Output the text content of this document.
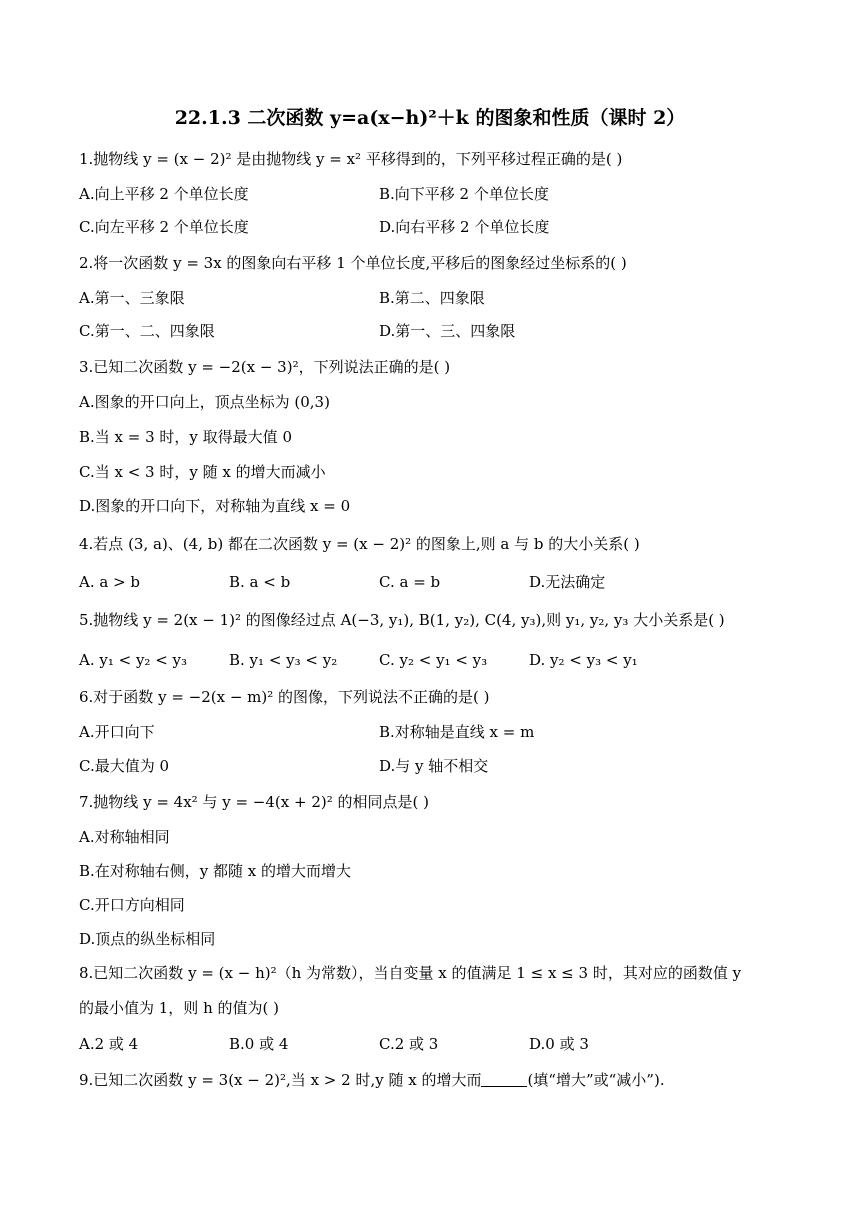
22.1.3 二次函数 y=a(x−h)²＋k 的图象和性质（课时 2）
1.抛物线 y = (x − 2)² 是由抛物线 y = x² 平移得到的，下列平移过程正确的是( )
A.向上平移 2 个单位长度	B.向下平移 2 个单位长度
C.向左平移 2 个单位长度	D.向右平移 2 个单位长度
2.将一次函数 y = 3x 的图象向右平移 1 个单位长度,平移后的图象经过坐标系的( )
A.第一、三象限	B.第二、四象限
C.第一、二、四象限	D.第一、三、四象限
3.已知二次函数 y = −2(x − 3)²，下列说法正确的是( )
A.图象的开口向上，顶点坐标为 (0,3)
B.当 x = 3 时，y 取得最大值 0
C.当 x < 3 时，y 随 x 的增大而减小
D.图象的开口向下，对称轴为直线 x = 0
4.若点 (3, a)、(4, b) 都在二次函数 y = (x − 2)² 的图象上,则 a 与 b 的大小关系( )
A. a > b	B. a < b	C. a = b	D.无法确定
5.抛物线 y = 2(x − 1)² 的图像经过点 A(−3, y₁), B(1, y₂), C(4, y₃),则 y₁, y₂, y₃ 大小关系是( )
A. y₁ < y₂ < y₃	B. y₁ < y₃ < y₂	C. y₂ < y₁ < y₃	D. y₂ < y₃ < y₁
6.对于函数 y = −2(x − m)² 的图像，下列说法不正确的是( )
A.开口向下	B.对称轴是直线 x = m
C.最大值为 0	D.与 y 轴不相交
7.抛物线 y = 4x² 与 y = −4(x + 2)² 的相同点是( )
A.对称轴相同
B.在对称轴右侧，y 都随 x 的增大而增大
C.开口方向相同
D.顶点的纵坐标相同
8.已知二次函数 y = (x − h)²（h 为常数），当自变量 x 的值满足 1 ≤ x ≤ 3 时，其对应的函数值 y
的最小值为 1，则 h 的值为( )
A.2 或 4	B.0 或 4	C.2 或 3	D.0 或 3
9.已知二次函数 y = 3(x − 2)²,当 x > 2 时,y 随 x 的增大而	(填“增大”或“减小”).
